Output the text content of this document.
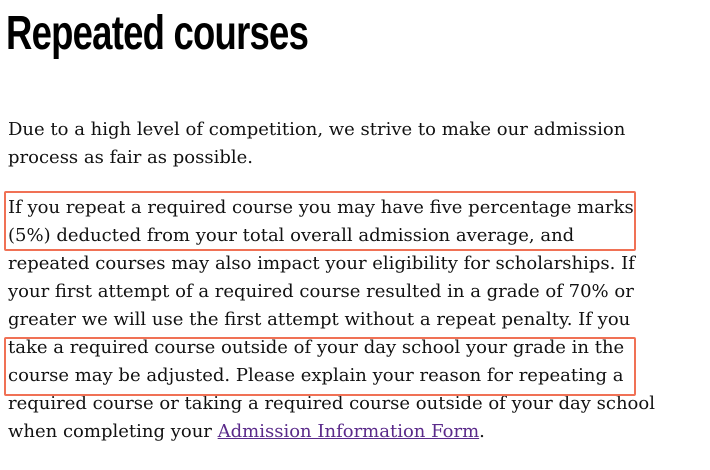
Repeated courses

Due to a high level of competition, we strive to make our admission
process as fair as possible.

If you repeat a required course you may have five percentage marks
(5%) deducted from your total overall admission average, and
repeated courses may also impact your eligibility for scholarships. If
your first attempt of a required course resulted in a grade of 70% or
greater we will use the first attempt without a repeat penalty. If you
take a required course outside of your day school your grade in the
course may be adjusted. Please explain your reason for repeating a
required course or taking a required course outside of your day school
when completing your Admission Information Form.
